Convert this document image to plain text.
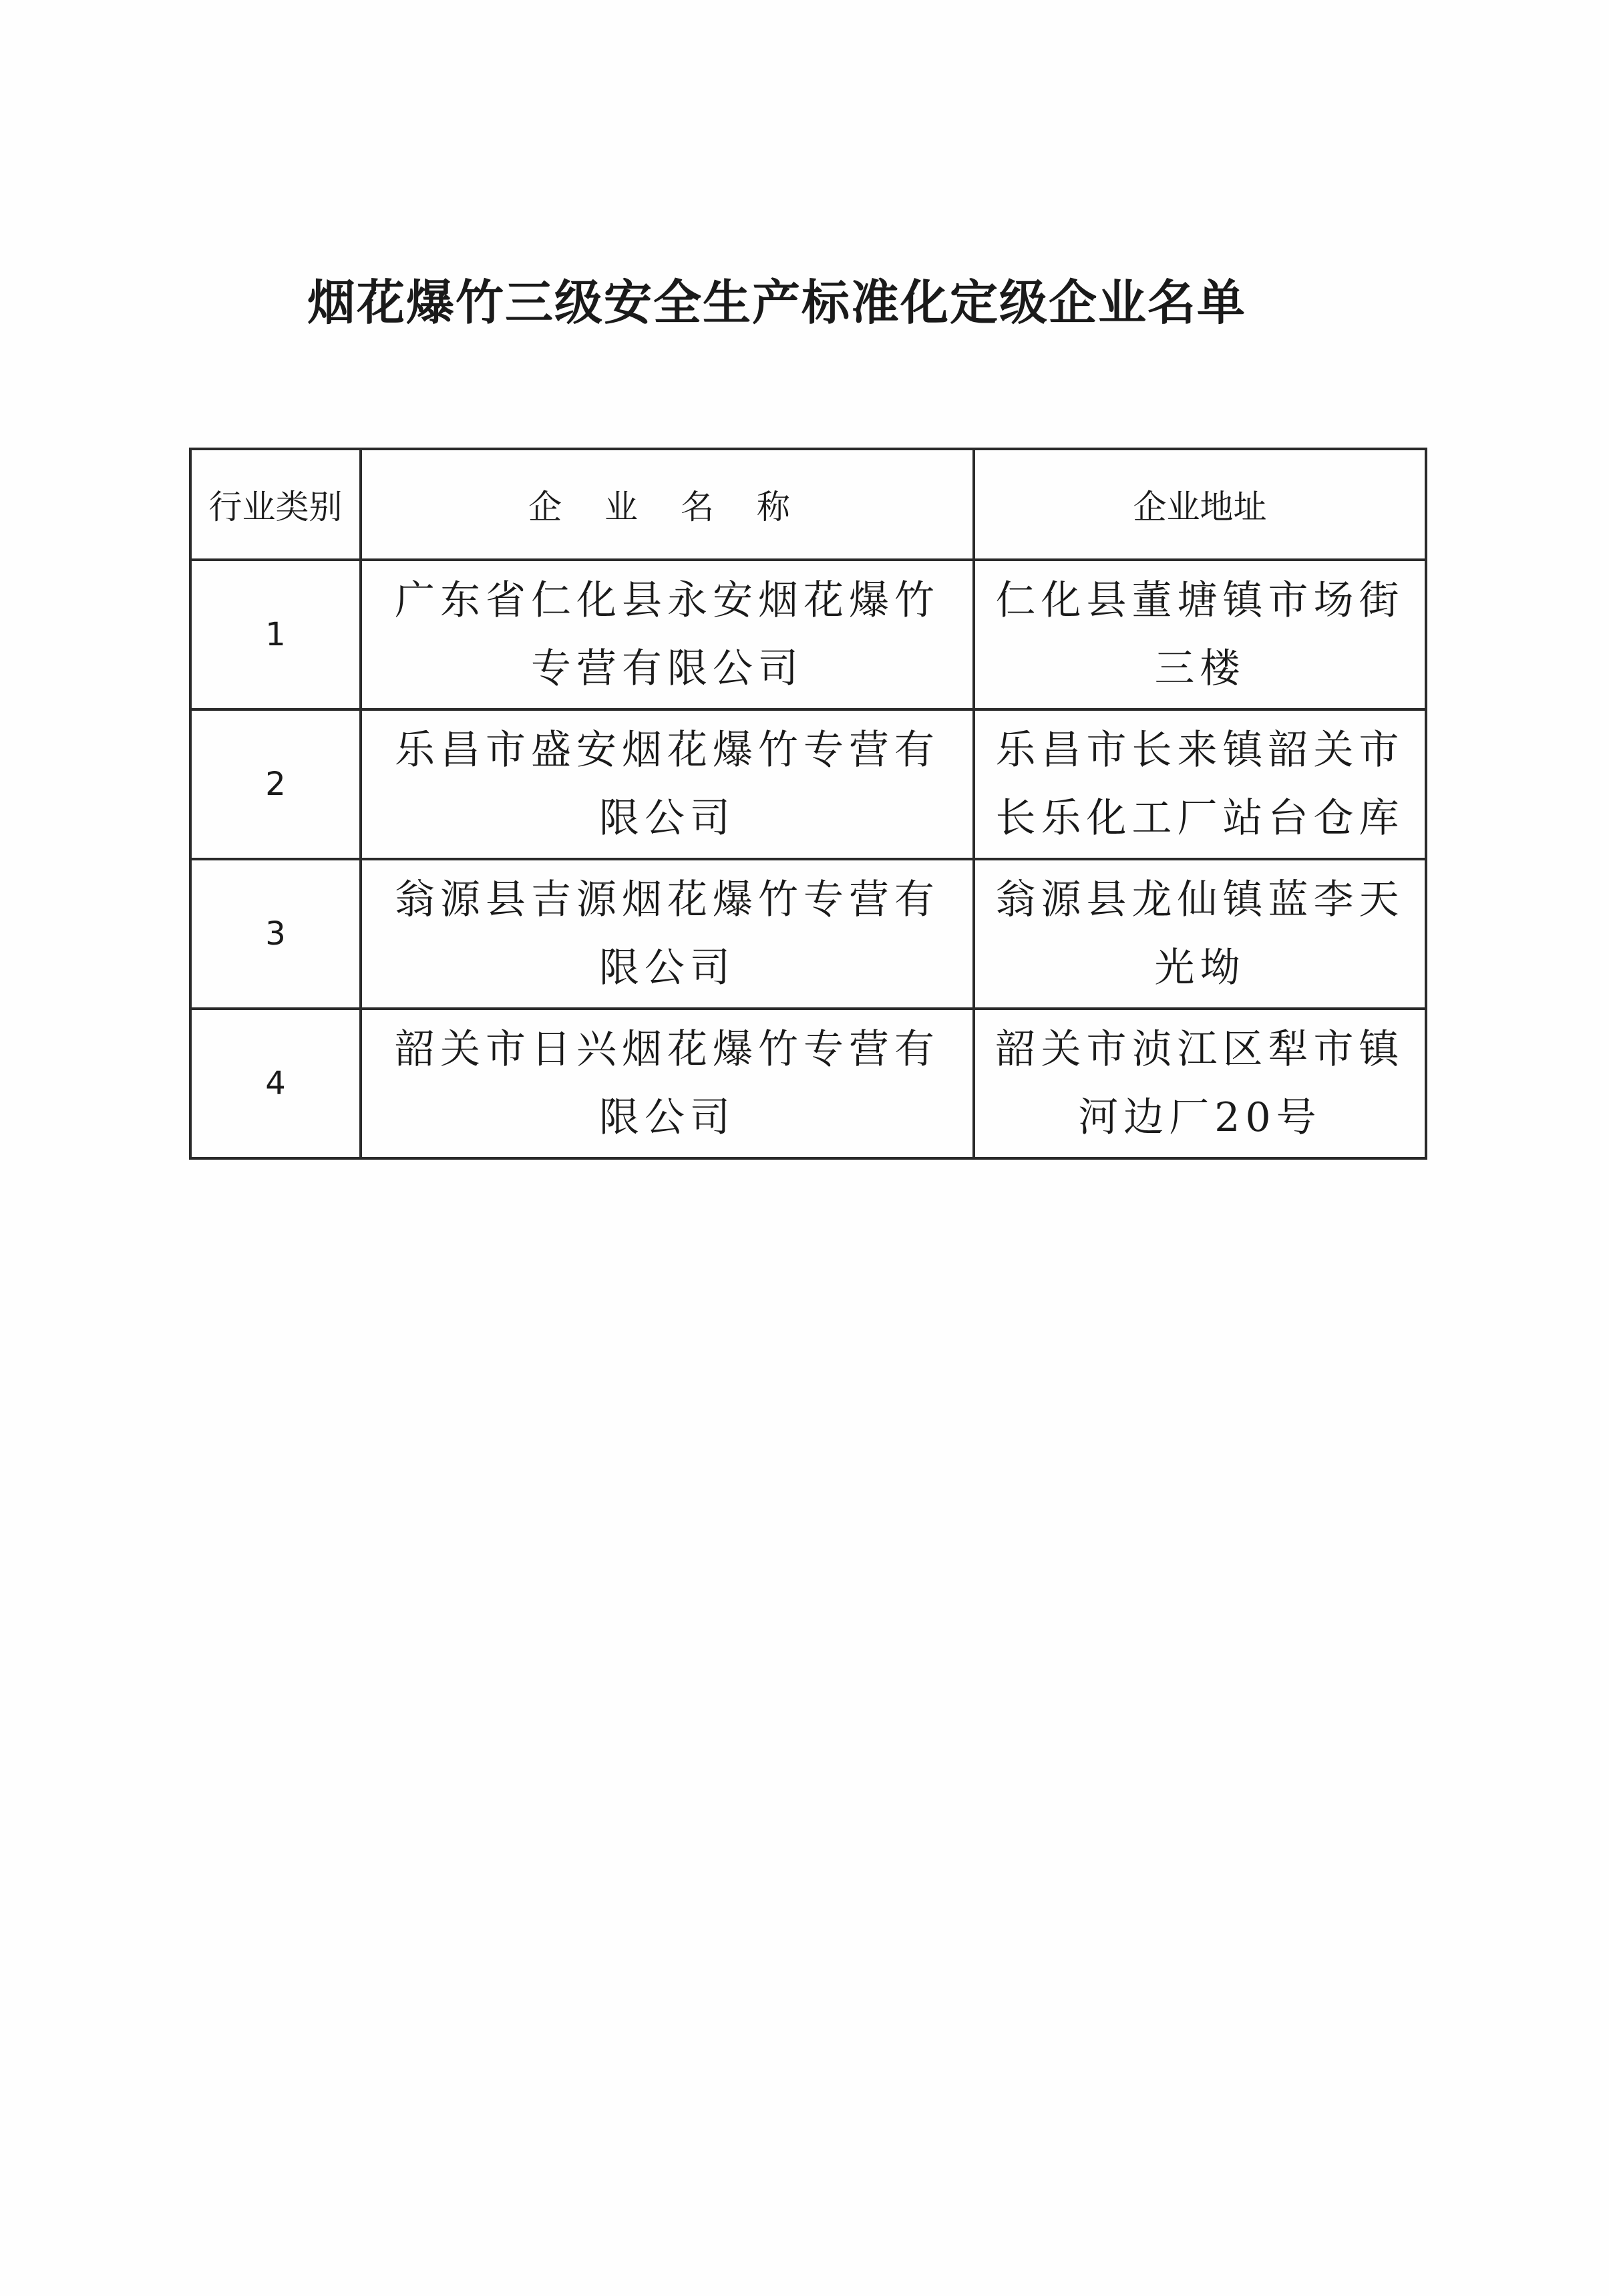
烟花爆竹三级安全生产标准化定级企业名单
行业类别	企 业 名 称	企业地址
1	广东省仁化县永安烟花爆竹专营有限公司	仁化县董塘镇市场街三楼
2	乐昌市盛安烟花爆竹专营有限公司	乐昌市长来镇韶关市长乐化工厂站台仓库
3	翁源县吉源烟花爆竹专营有限公司	翁源县龙仙镇蓝李天光坳
4	韶关市日兴烟花爆竹专营有限公司	韶关市浈江区犁市镇河边厂20号
